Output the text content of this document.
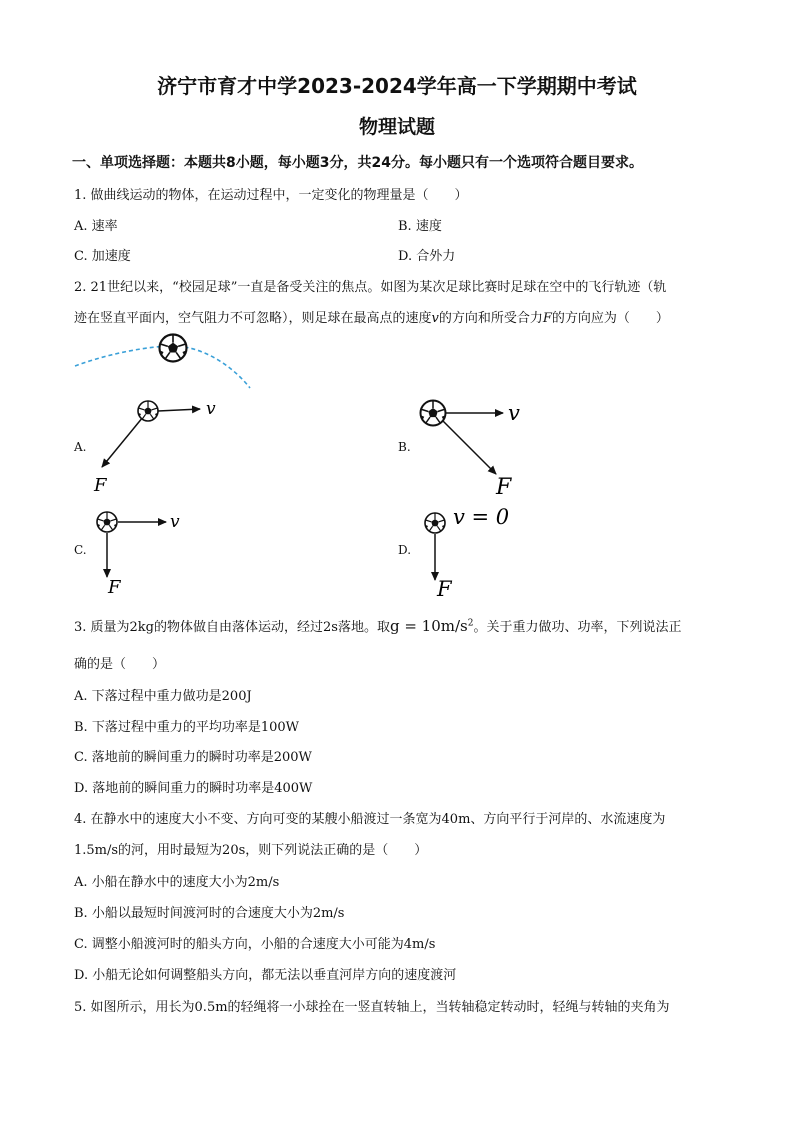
济宁市育才中学2023-2024学年高一下学期期中考试
物理试题
一、单项选择题：本题共8小题，每小题3分，共24分。每小题只有一个选项符合题目要求。
1. 做曲线运动的物体，在运动过程中，一定变化的物理量是（　　）
A. 速率	B. 速度
C. 加速度	D. 合外力
2. 21世纪以来，“校园足球”一直是备受关注的焦点。如图为某次足球比赛时足球在空中的飞行轨迹（轨
迹在竖直平面内，空气阻力不可忽略），则足球在最高点的速度v的方向和所受合力F的方向应为（　　）
A.
v
F
B.
v
F
C.
v
F
D.
v = 0
F
3. 质量为2kg的物体做自由落体运动，经过2s落地。取$g = 10m/s^2$。关于重力做功、功率，下列说法正
确的是（　　）
A. 下落过程中重力做功是200J
B. 下落过程中重力的平均功率是100W
C. 落地前的瞬间重力的瞬时功率是200W
D. 落地前的瞬间重力的瞬时功率是400W
4. 在静水中的速度大小不变、方向可变的某艘小船渡过一条宽为40m、方向平行于河岸的、水流速度为
1.5m/s的河，用时最短为20s，则下列说法正确的是（　　）
A. 小船在静水中的速度大小为2m/s
B. 小船以最短时间渡河时的合速度大小为2m/s
C. 调整小船渡河时的船头方向，小船的合速度大小可能为4m/s
D. 小船无论如何调整船头方向，都无法以垂直河岸方向的速度渡河
5. 如图所示，用长为0.5m的轻绳将一小球拴在一竖直转轴上，当转轴稳定转动时，轻绳与转轴的夹角为
